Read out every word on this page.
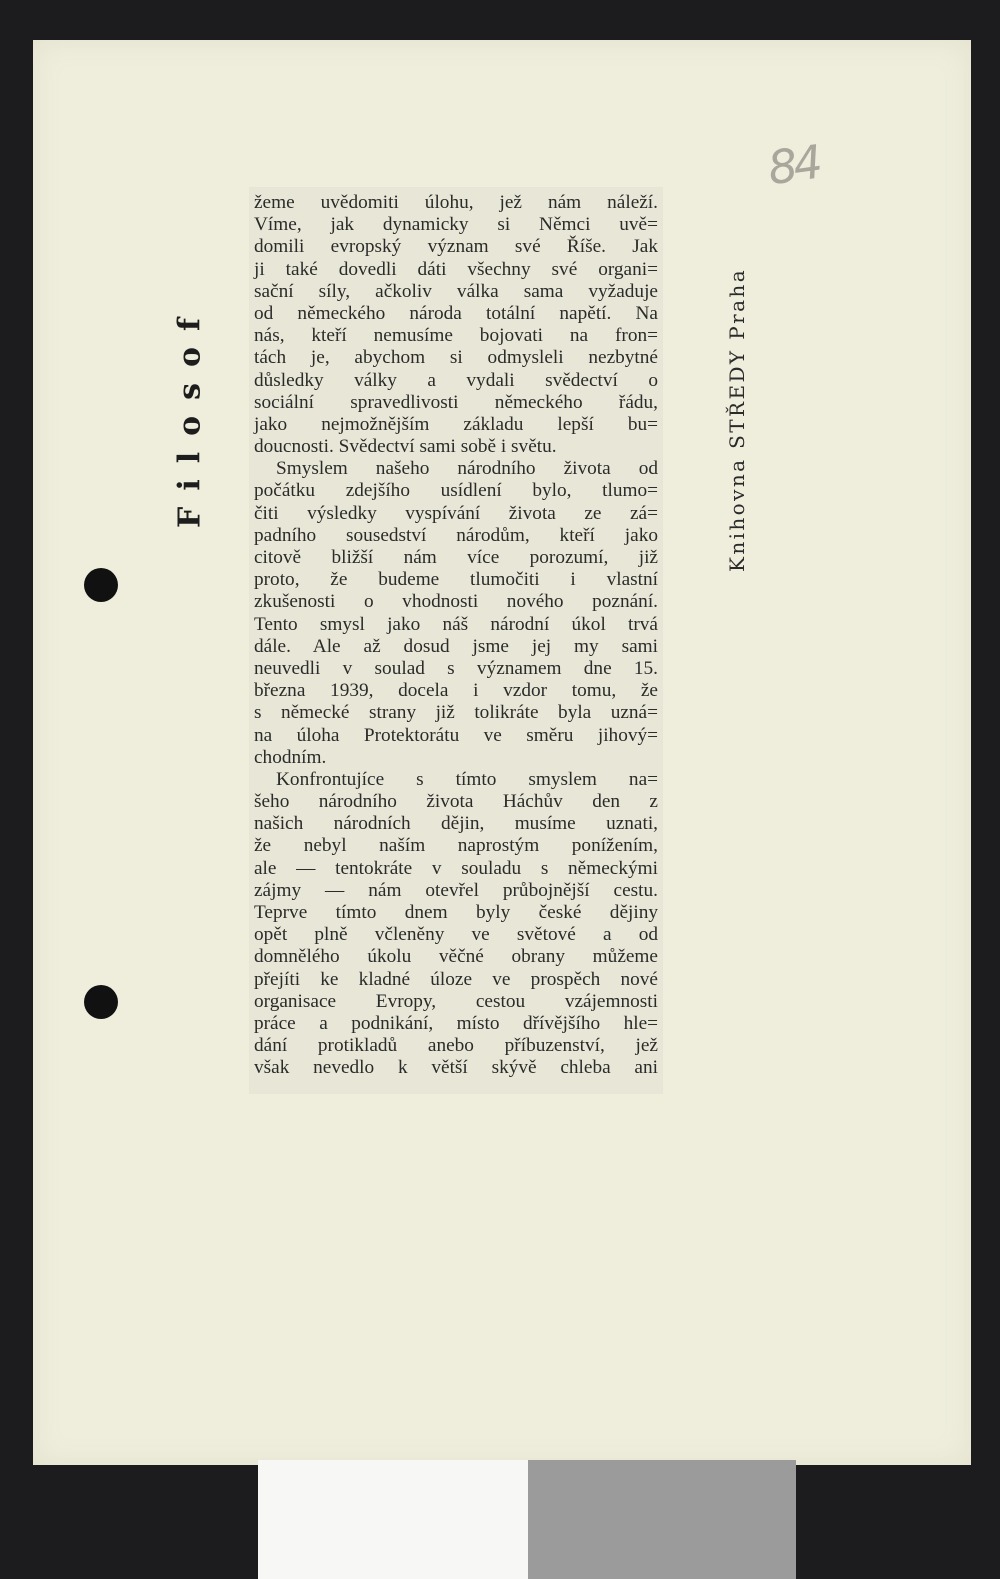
Filosof	Knihovna STŘEDY Praha
84
žeme uvědomiti úlohu, jež nám náleží.
Víme, jak dynamicky si Němci uvě=
domili evropský význam své Říše. Jak
ji také dovedli dáti všechny své organi=
sační síly, ačkoliv válka sama vyžaduje
od německého národa totální napětí. Na
nás, kteří nemusíme bojovati na fron=
tách je, abychom si odmysleli nezbytné
důsledky války a vydali svědectví o
sociální spravedlivosti německého řádu,
jako nejmožnějším základu lepší bu=
doucnosti. Svědectví sami sobě i světu.
Smyslem našeho národního života od
počátku zdejšího usídlení bylo, tlumo=
čiti výsledky vyspívání života ze zá=
padního sousedství národům, kteří jako
citově bližší nám více porozumí, již
proto, že budeme tlumočiti i vlastní
zkušenosti o vhodnosti nového poznání.
Tento smysl jako náš národní úkol trvá
dále. Ale až dosud jsme jej my sami
neuvedli v soulad s významem dne 15.
března 1939, docela i vzdor tomu, že
s německé strany již tolikráte byla uzná=
na úloha Protektorátu ve směru jihový=
chodním.
Konfrontujíce s tímto smyslem na=
šeho národního života Háchův den z
našich národních dějin, musíme uznati,
že nebyl naším naprostým ponížením,
ale — tentokráte v souladu s německými
zájmy — nám otevřel průbojnější cestu.
Teprve tímto dnem byly české dějiny
opět plně včleněny ve světové a od
domnělého úkolu věčné obrany můžeme
přejíti ke kladné úloze ve prospěch nové
organisace Evropy, cestou vzájemnosti
práce a podnikání, místo dřívějšího hle=
dání protikladů anebo příbuzenství, jež
však nevedlo k větší skývě chleba ani
